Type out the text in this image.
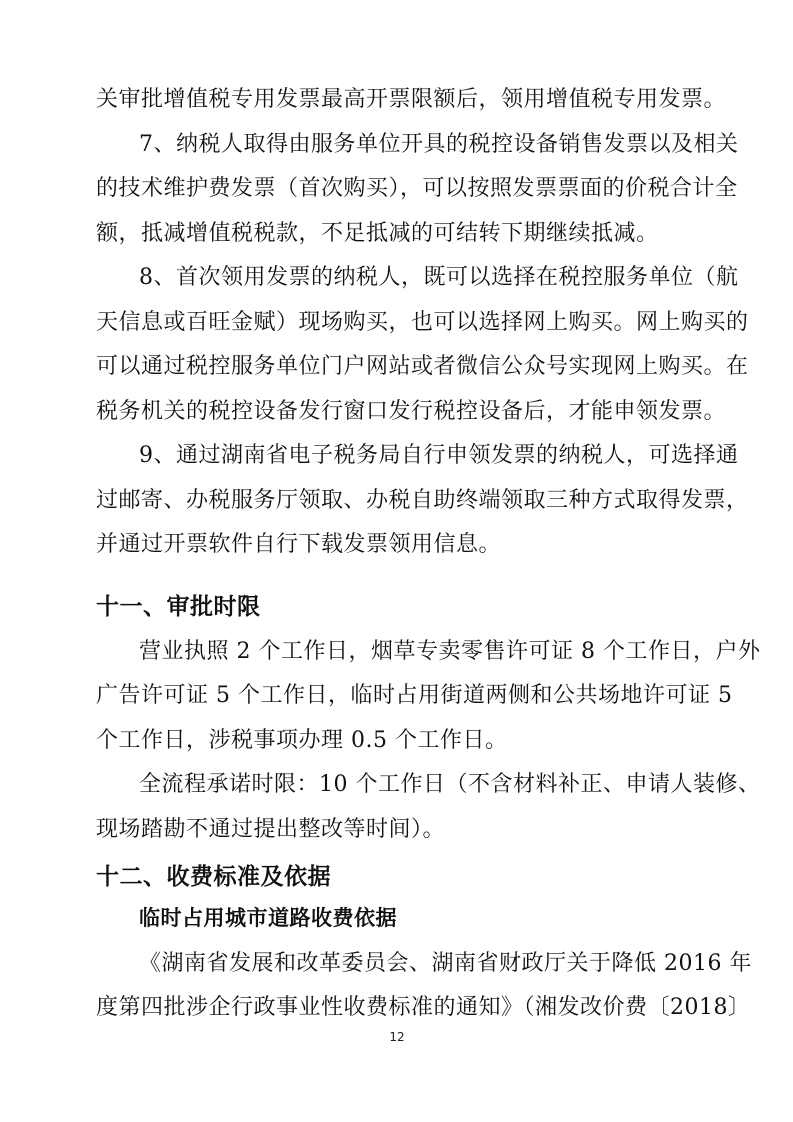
关审批增值税专用发票最高开票限额后，领用增值税专用发票。

7、纳税人取得由服务单位开具的税控设备销售发票以及相关

的技术维护费发票（首次购买），可以按照发票票面的价税合计全

额，抵减增值税税款，不足抵减的可结转下期继续抵减。

8、首次领用发票的纳税人，既可以选择在税控服务单位（航

天信息或百旺金赋）现场购买，也可以选择网上购买。网上购买的

可以通过税控服务单位门户网站或者微信公众号实现网上购买。在

税务机关的税控设备发行窗口发行税控设备后，才能申领发票。

9、通过湖南省电子税务局自行申领发票的纳税人，可选择通

过邮寄、办税服务厅领取、办税自助终端领取三种方式取得发票，

并通过开票软件自行下载发票领用信息。

十一、审批时限

营业执照 2 个工作日，烟草专卖零售许可证 8 个工作日，户外

广告许可证 5 个工作日，临时占用街道两侧和公共场地许可证 5

个工作日，涉税事项办理 0.5 个工作日。

全流程承诺时限：10 个工作日（不含材料补正、申请人装修、

现场踏勘不通过提出整改等时间）。

十二、收费标准及依据
临时占用城市道路收费依据

《湖南省发展和改革委员会、湖南省财政厅关于降低 2016 年

度第四批涉企行政事业性收费标准的通知》（湘发改价费〔2018〕

12
